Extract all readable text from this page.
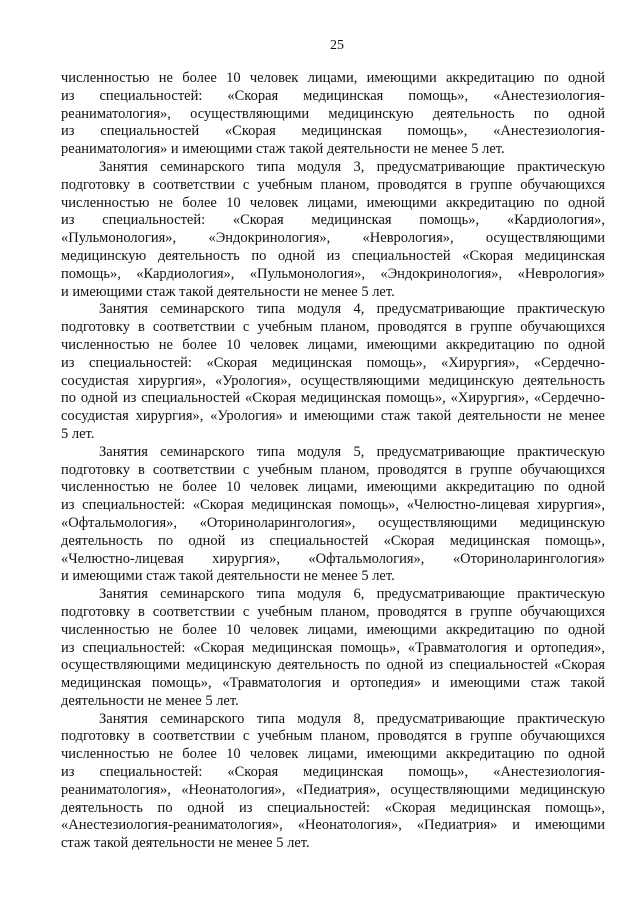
25

численностью не более 10 человек лицами, имеющими аккредитацию по одной
из специальностей: «Скорая медицинская помощь», «Анестезиология-
реаниматология», осуществляющими медицинскую деятельность по одной
из специальностей «Скорая медицинская помощь», «Анестезиология-
реаниматология» и имеющими стаж такой деятельности не менее 5 лет.

Занятия семинарского типа модуля 3, предусматривающие практическую
подготовку в соответствии с учебным планом, проводятся в группе обучающихся
численностью не более 10 человек лицами, имеющими аккредитацию по одной
из специальностей: «Скорая медицинская помощь», «Кардиология»,
«Пульмонология», «Эндокринология», «Неврология», осуществляющими
медицинскую деятельность по одной из специальностей «Скорая медицинская
помощь», «Кардиология», «Пульмонология», «Эндокринология», «Неврология»
и имеющими стаж такой деятельности не менее 5 лет.

Занятия семинарского типа модуля 4, предусматривающие практическую
подготовку в соответствии с учебным планом, проводятся в группе обучающихся
численностью не более 10 человек лицами, имеющими аккредитацию по одной
из специальностей: «Скорая медицинская помощь», «Хирургия», «Сердечно-
сосудистая хирургия», «Урология», осуществляющими медицинскую деятельность
по одной из специальностей «Скорая медицинская помощь», «Хирургия», «Сердечно-
сосудистая хирургия», «Урология» и имеющими стаж такой деятельности не менее
5 лет.

Занятия семинарского типа модуля 5, предусматривающие практическую
подготовку в соответствии с учебным планом, проводятся в группе обучающихся
численностью не более 10 человек лицами, имеющими аккредитацию по одной
из специальностей: «Скорая медицинская помощь», «Челюстно-лицевая хирургия»,
«Офтальмология», «Оториноларингология», осуществляющими медицинскую
деятельность по одной из специальностей «Скорая медицинская помощь»,
«Челюстно-лицевая хирургия», «Офтальмология», «Оториноларингология»
и имеющими стаж такой деятельности не менее 5 лет.

Занятия семинарского типа модуля 6, предусматривающие практическую
подготовку в соответствии с учебным планом, проводятся в группе обучающихся
численностью не более 10 человек лицами, имеющими аккредитацию по одной
из специальностей: «Скорая медицинская помощь», «Травматология и ортопедия»,
осуществляющими медицинскую деятельность по одной из специальностей «Скорая
медицинская помощь», «Травматология и ортопедия» и имеющими стаж такой
деятельности не менее 5 лет.

Занятия семинарского типа модуля 8, предусматривающие практическую
подготовку в соответствии с учебным планом, проводятся в группе обучающихся
численностью не более 10 человек лицами, имеющими аккредитацию по одной
из специальностей: «Скорая медицинская помощь», «Анестезиология-
реаниматология», «Неонатология», «Педиатрия», осуществляющими медицинскую
деятельность по одной из специальностей: «Скорая медицинская помощь»,
«Анестезиология-реаниматология», «Неонатология», «Педиатрия» и имеющими
стаж такой деятельности не менее 5 лет.
